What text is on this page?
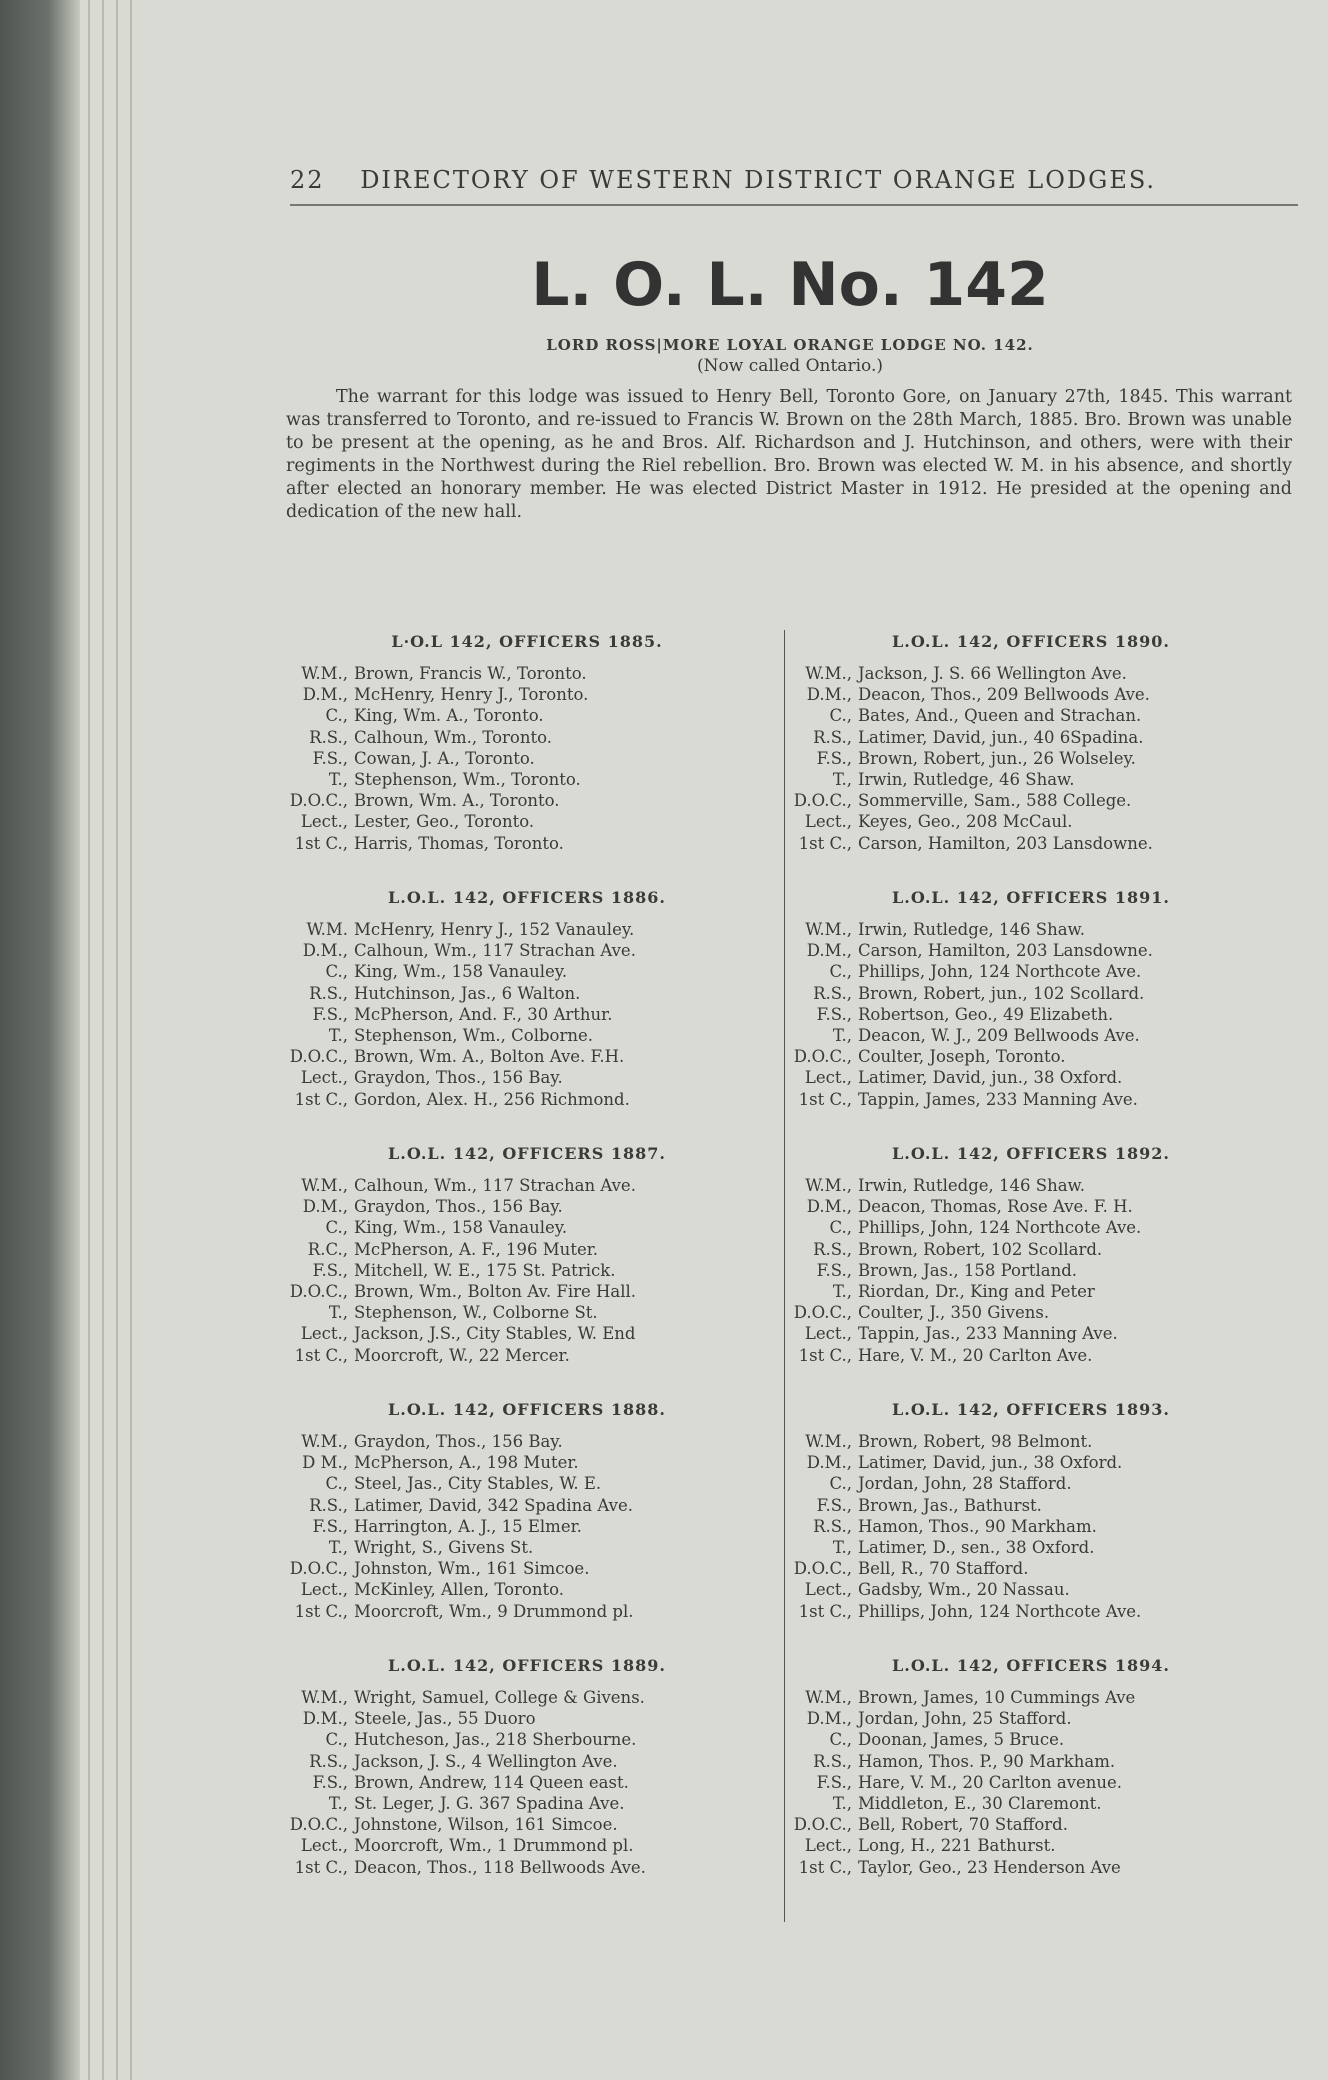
22 DIRECTORY OF WESTERN DISTRICT ORANGE LODGES.
L. O. L. No. 142
LORD ROSS|MORE LOYAL ORANGE LODGE NO. 142.
(Now called Ontario.)
The warrant for this lodge was issued to Henry Bell, Toronto Gore, on January 27th, 1845. This warrant was transferred to Toronto, and re-issued to Francis W. Brown on the 28th March, 1885. Bro. Brown was unable to be present at the opening, as he and Bros. Alf. Richardson and J. Hutchinson, and others, were with their regiments in the Northwest during the Riel rebellion. Bro. Brown was elected W. M. in his absence, and shortly after elected an honorary member. He was elected District Master in 1912. He presided at the opening and dedication of the new hall.
L·O.L 142, OFFICERS 1885.
W.M., Brown, Francis W., Toronto.
D.M., McHenry, Henry J., Toronto.
C., King, Wm. A., Toronto.
R.S., Calhoun, Wm., Toronto.
F.S., Cowan, J. A., Toronto.
T., Stephenson, Wm., Toronto.
D.O.C., Brown, Wm. A., Toronto.
Lect., Lester, Geo., Toronto.
1st C., Harris, Thomas, Toronto.
L.O.L. 142, OFFICERS 1886.
W.M. McHenry, Henry J., 152 Vanauley.
D.M., Calhoun, Wm., 117 Strachan Ave.
C., King, Wm., 158 Vanauley.
R.S., Hutchinson, Jas., 6 Walton.
F.S., McPherson, And. F., 30 Arthur.
T., Stephenson, Wm., Colborne.
D.O.C., Brown, Wm. A., Bolton Ave. F.H.
Lect., Graydon, Thos., 156 Bay.
1st C., Gordon, Alex. H., 256 Richmond.
L.O.L. 142, OFFICERS 1887.
W.M., Calhoun, Wm., 117 Strachan Ave.
D.M., Graydon, Thos., 156 Bay.
C., King, Wm., 158 Vanauley.
R.C., McPherson, A. F., 196 Muter.
F.S., Mitchell, W. E., 175 St. Patrick.
D.O.C., Brown, Wm., Bolton Av. Fire Hall.
T., Stephenson, W., Colborne St.
Lect., Jackson, J.S., City Stables, W. End
1st C., Moorcroft, W., 22 Mercer.
L.O.L. 142, OFFICERS 1888.
W.M., Graydon, Thos., 156 Bay.
D M., McPherson, A., 198 Muter.
C., Steel, Jas., City Stables, W. E.
R.S., Latimer, David, 342 Spadina Ave.
F.S., Harrington, A. J., 15 Elmer.
T., Wright, S., Givens St.
D.O.C., Johnston, Wm., 161 Simcoe.
Lect., McKinley, Allen, Toronto.
1st C., Moorcroft, Wm., 9 Drummond pl.
L.O.L. 142, OFFICERS 1889.
W.M., Wright, Samuel, College & Givens.
D.M., Steele, Jas., 55 Duoro
C., Hutcheson, Jas., 218 Sherbourne.
R.S., Jackson, J. S., 4 Wellington Ave.
F.S., Brown, Andrew, 114 Queen east.
T., St. Leger, J. G. 367 Spadina Ave.
D.O.C., Johnstone, Wilson, 161 Simcoe.
Lect., Moorcroft, Wm., 1 Drummond pl.
1st C., Deacon, Thos., 118 Bellwoods Ave.
L.O.L. 142, OFFICERS 1890.
W.M., Jackson, J. S. 66 Wellington Ave.
D.M., Deacon, Thos., 209 Bellwoods Ave.
C., Bates, And., Queen and Strachan.
R.S., Latimer, David, jun., 40 6Spadina.
F.S., Brown, Robert, jun., 26 Wolseley.
T., Irwin, Rutledge, 46 Shaw.
D.O.C., Sommerville, Sam., 588 College.
Lect., Keyes, Geo., 208 McCaul.
1st C., Carson, Hamilton, 203 Lansdowne.
L.O.L. 142, OFFICERS 1891.
W.M., Irwin, Rutledge, 146 Shaw.
D.M., Carson, Hamilton, 203 Lansdowne.
C., Phillips, John, 124 Northcote Ave.
R.S., Brown, Robert, jun., 102 Scollard.
F.S., Robertson, Geo., 49 Elizabeth.
T., Deacon, W. J., 209 Bellwoods Ave.
D.O.C., Coulter, Joseph, Toronto.
Lect., Latimer, David, jun., 38 Oxford.
1st C., Tappin, James, 233 Manning Ave.
L.O.L. 142, OFFICERS 1892.
W.M., Irwin, Rutledge, 146 Shaw.
D.M., Deacon, Thomas, Rose Ave. F. H.
C., Phillips, John, 124 Northcote Ave.
R.S., Brown, Robert, 102 Scollard.
F.S., Brown, Jas., 158 Portland.
T., Riordan, Dr., King and Peter
D.O.C., Coulter, J., 350 Givens.
Lect., Tappin, Jas., 233 Manning Ave.
1st C., Hare, V. M., 20 Carlton Ave.
L.O.L. 142, OFFICERS 1893.
W.M., Brown, Robert, 98 Belmont.
D.M., Latimer, David, jun., 38 Oxford.
C., Jordan, John, 28 Stafford.
F.S., Brown, Jas., Bathurst.
R.S., Hamon, Thos., 90 Markham.
T., Latimer, D., sen., 38 Oxford.
D.O.C., Bell, R., 70 Stafford.
Lect., Gadsby, Wm., 20 Nassau.
1st C., Phillips, John, 124 Northcote Ave.
L.O.L. 142, OFFICERS 1894.
W.M., Brown, James, 10 Cummings Ave
D.M., Jordan, John, 25 Stafford.
C., Doonan, James, 5 Bruce.
R.S., Hamon, Thos. P., 90 Markham.
F.S., Hare, V. M., 20 Carlton avenue.
T., Middleton, E., 30 Claremont.
D.O.C., Bell, Robert, 70 Stafford.
Lect., Long, H., 221 Bathurst.
1st C., Taylor, Geo., 23 Henderson Ave
